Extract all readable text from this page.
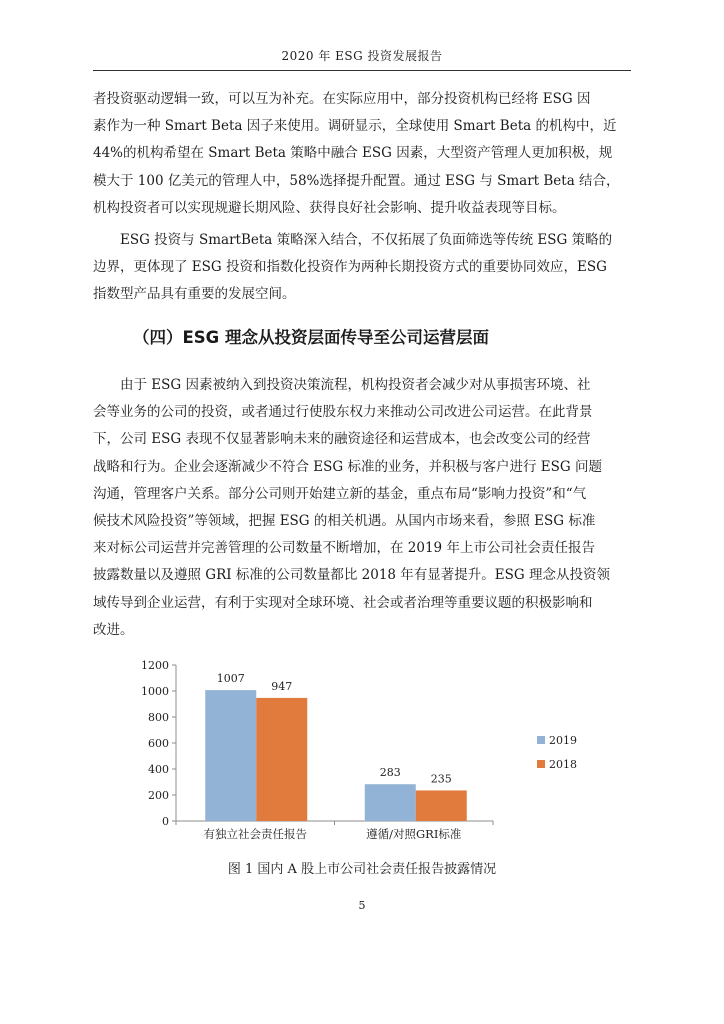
2020 年 ESG 投资发展报告

者投资驱动逻辑一致，可以互为补充。在实际应用中，部分投资机构已经将 ESG 因
素作为一种 Smart Beta 因子来使用。调研显示，全球使用 Smart Beta 的机构中，近
44%的机构希望在 Smart Beta 策略中融合 ESG 因素，大型资产管理人更加积极，规
模大于 100 亿美元的管理人中，58%选择提升配置。通过 ESG 与 Smart Beta 结合，
机构投资者可以实现规避长期风险、获得良好社会影响、提升收益表现等目标。

　　ESG 投资与 SmartBeta 策略深入结合，不仅拓展了负面筛选等传统 ESG 策略的
边界，更体现了 ESG 投资和指数化投资作为两种长期投资方式的重要协同效应，ESG
指数型产品具有重要的发展空间。

（四）ESG 理念从投资层面传导至公司运营层面

　　由于 ESG 因素被纳入到投资决策流程，机构投资者会减少对从事损害环境、社
会等业务的公司的投资，或者通过行使股东权力来推动公司改进公司运营。在此背景
下，公司 ESG 表现不仅显著影响未来的融资途径和运营成本，也会改变公司的经营
战略和行为。企业会逐渐减少不符合 ESG 标准的业务，并积极与客户进行 ESG 问题
沟通，管理客户关系。部分公司则开始建立新的基金，重点布局“影响力投资”和“气
候技术风险投资”等领域，把握 ESG 的相关机遇。从国内市场来看，参照 ESG 标准
来对标公司运营并完善管理的公司数量不断增加，在 2019 年上市公司社会责任报告
披露数量以及遵照 GRI 标准的公司数量都比 2018 年有显著提升。ESG 理念从投资领
域传导到企业运营，有利于实现对全球环境、社会或者治理等重要议题的积极影响和
改进。

0
200
400
600
800
1000
1200
1007
947
有独立社会责任报告
283	235
遵循/对照GRI标准
2019
2018
图 1 国内 A 股上市公司社会责任报告披露情况
5
